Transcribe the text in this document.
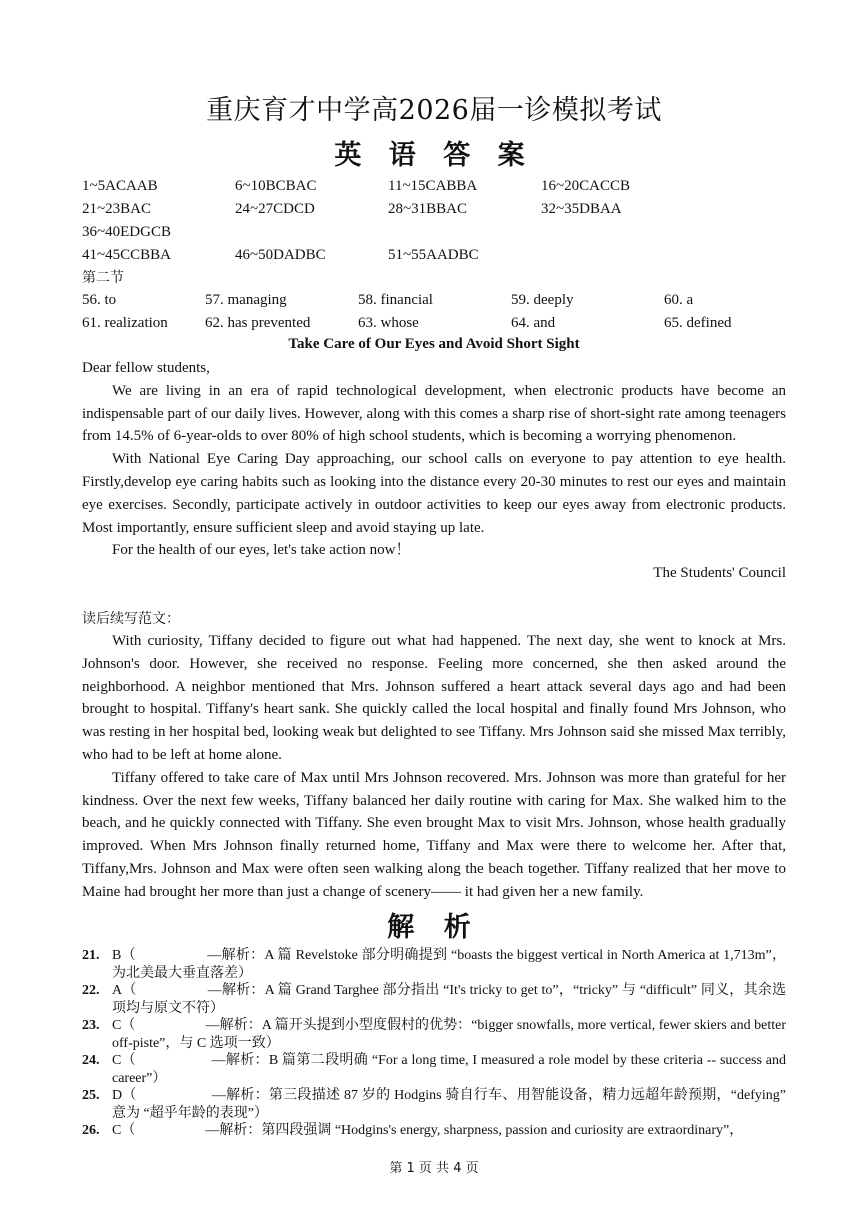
重庆育才中学高2026届一诊模拟考试
英 语 答 案
1~5ACAAB	6~10BCBAC	11~15CABBA	16~20CACCB
21~23BAC	24~27CDCD	28~31BBAC	32~35DBAA
36~40EDGCB
41~45CCBBA	46~50DADBC	51~55AADBC
第二节
56. to	57. managing	58. financial	59. deeply	60. a
61. realization 62. has prevented	63. whose	64. and	65. defined
Take Care of Our Eyes and Avoid Short Sight

Dear fellow students,

We are living in an era of rapid technological development, when electronic products have become an indispensable part of our daily lives. However, along with this comes a sharp rise of short-sight rate among teenagers from 14.5% of 6-year-olds to over 80% of high school students, which is becoming a worrying phenomenon.

With National Eye Caring Day approaching, our school calls on everyone to pay attention to eye health. Firstly,develop eye caring habits such as looking into the distance every 20-30 minutes to rest our eyes and maintain eye exercises. Secondly, participate actively in outdoor activities to keep our eyes away from electronic products. Most importantly, ensure sufficient sleep and avoid staying up late.

For the health of our eyes, let's take action now！

The Students' Council

读后续写范文：

With curiosity, Tiffany decided to figure out what had happened. The next day, she went to knock at Mrs. Johnson's door. However, she received no response. Feeling more concerned, she then asked around the neighborhood. A neighbor mentioned that Mrs. Johnson suffered a heart attack several days ago and had been brought to hospital. Tiffany's heart sank. She quickly called the local hospital and finally found Mrs Johnson, who was resting in her hospital bed, looking weak but delighted to see Tiffany. Mrs Johnson said she missed Max terribly, who had to be left at home alone.

Tiffany offered to take care of Max until Mrs Johnson recovered. Mrs. Johnson was more than grateful for her kindness. Over the next few weeks, Tiffany balanced her daily routine with caring for Max. She walked him to the beach, and he quickly connected with Tiffany. She even brought Max to visit Mrs. Johnson, whose health gradually improved. When Mrs Johnson finally returned home, Tiffany and Max were there to welcome her. After that, Tiffany,Mrs. Johnson and Max were often seen walking along the beach together. Tiffany realized that her move to Maine had brought her more than just a change of scenery—— it had given her a new family.

解 析
21. B（　　　　　—解析：A 篇 Revelstoke 部分明确提到 “boasts the biggest vertical in North America at 1,713m”，为北美最大垂直落差）
22. A（　　　　　—解析：A 篇 Grand Targhee 部分指出 “It's tricky to get to”，“tricky” 与 “difficult” 同义，其余选项均与原文不符）
23. C（　　　　　—解析：A 篇开头提到小型度假村的优势：“bigger snowfalls, more vertical, fewer skiers and better off-piste”，与 C 选项一致）
24. C（　　　　　 —解析：B 篇第二段明确 “For a long time, I measured a role model by these criteria -- success and career”）
25. D（　　　　　 —解析：第三段描述 87 岁的 Hodgins 骑自行车、用智能设备，精力远超年龄预期，“defying” 意为 “超乎年龄的表现”）
26. C（　　　　　—解析：第四段强调 “Hodgins's energy, sharpness, passion and curiosity are extraordinary”，
第 1 页 共 4 页
